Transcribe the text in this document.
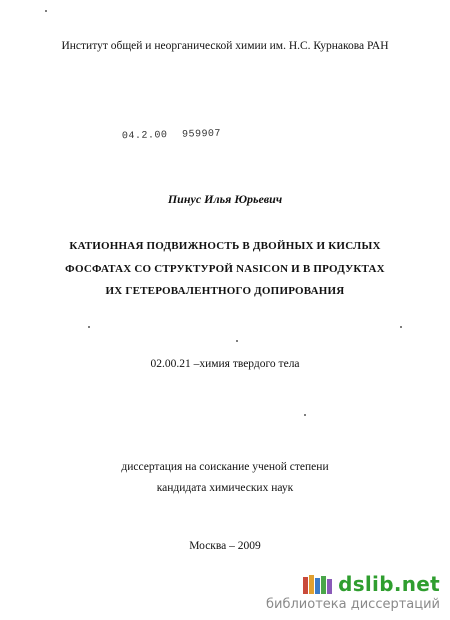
Институт общей и неорганической химии им. Н.С. Курнакова РАН
04.2.00 959907
Пинус Илья Юрьевич
КАТИОННАЯ ПОДВИЖНОСТЬ В ДВОЙНЫХ И КИСЛЫХ
ФОСФАТАХ СО СТРУКТУРОЙ NASICON И В ПРОДУКТАХ
ИХ ГЕТЕРОВАЛЕНТНОГО ДОПИРОВАНИЯ
02.00.21 –химия твердого тела
диссертация на соискание ученой степени
кандидата химических наук
Москва – 2009
dslib.net
библиотека диссертаций
